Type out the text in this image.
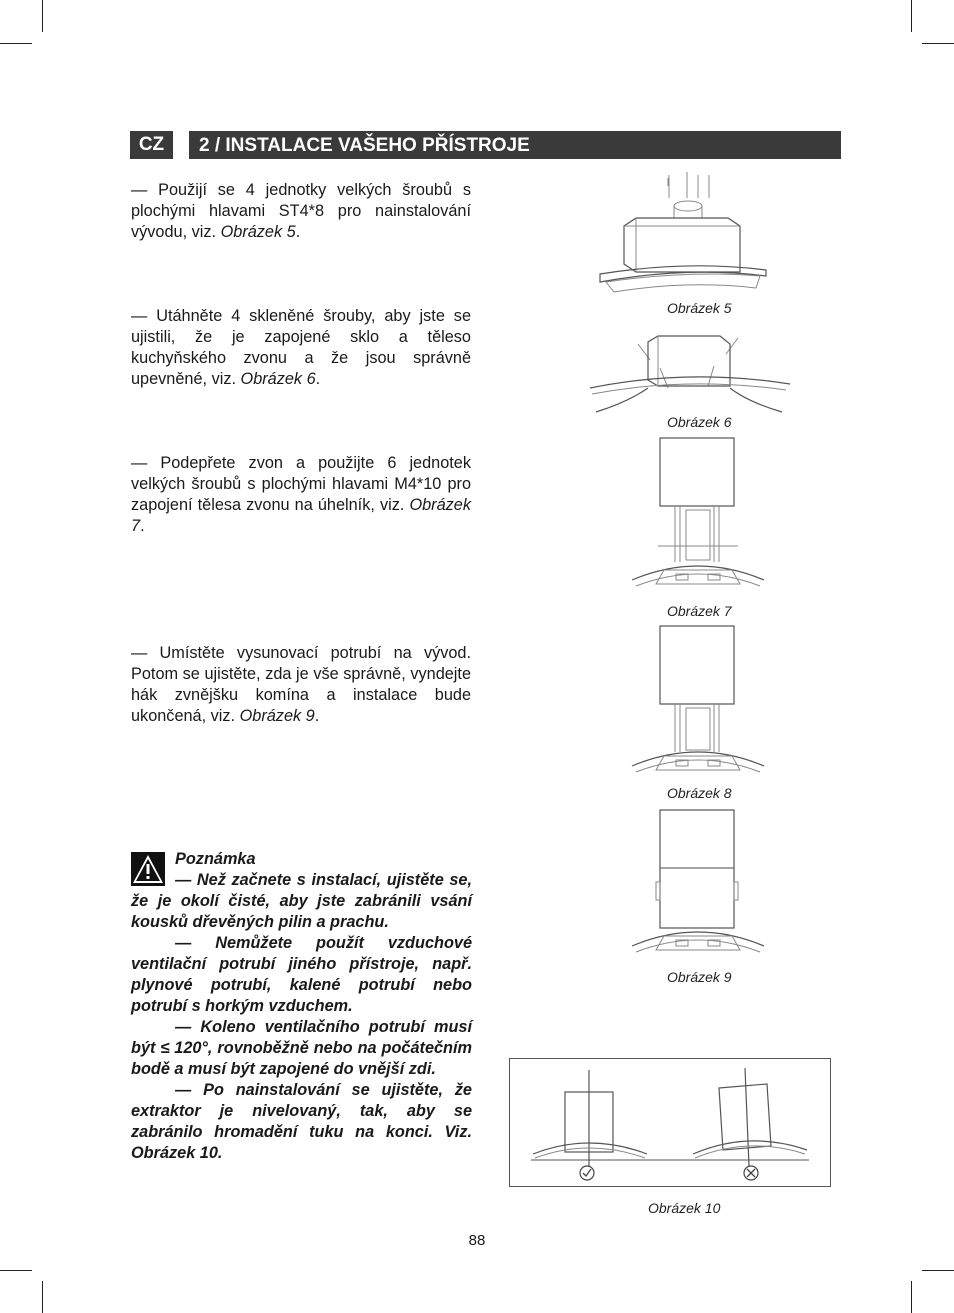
CZ	2 / INSTALACE VAŠEHO PŘÍSTROJE

— Použijí se 4 jednotky velkých šroubů s plochými hlavami ST4*8 pro nainstalování vývodu, viz. Obrázek 5.

— Utáhněte 4 skleněné šrouby, aby jste se ujistili, že je zapojené sklo a těleso kuchyňského zvonu a že jsou správně upevněné, viz. Obrázek 6.

— Podepřete zvon a použijte 6 jednotek velkých šroubů s plochými hlavami M4*10 pro zapojení tělesa zvonu na úhelník, viz. Obrázek 7.

— Umístěte vysunovací potrubí na vývod. Potom se ujistěte, zda je vše správně, vyndejte hák zvnějšku komína a instalace bude ukončená, viz. Obrázek 9.

Obrázek 5
Obrázek 6
Obrázek 7
Obrázek 8
Obrázek 9
Obrázek 10

Poznámka

— Než začnete s instalací, ujistěte se, že je okolí čisté, aby jste zabránili vsání kousků dřevěných pilin a prachu.

— Nemůžete použít vzduchové ventilační potrubí jiného přístroje, např. plynové potrubí, kalené potrubí nebo potrubí s horkým vzduchem.

— Koleno ventilačního potrubí musí být ≤ 120°, rovnoběžně nebo na počátečním bodě a musí být zapojené do vnější zdi.

— Po nainstalování se ujistěte, že extraktor je nivelovaný, tak, aby se zabránilo hromadění tuku na konci. Viz. Obrázek 10.

88
